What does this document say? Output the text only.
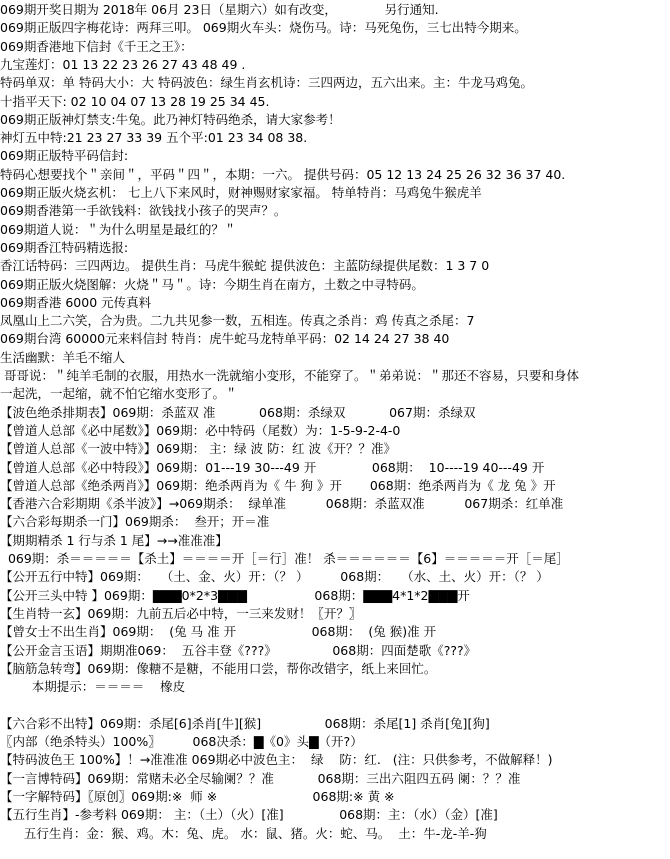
069期开奖日期为 2018年 06月 23日（星期六）如有改变，            另行通知.
069期正版四字梅花诗：两拜三叩。 069期火车头：烧伤马。诗：马死兔伤，三七出特今期来。
069期香港地下信封《千王之王》：
九宝莲灯：01 13 22 23 26 27 43 48 49 .
特码单双：单 特码大小：大 特码波色：绿生肖玄机诗：三四两边，五六出来。主：牛龙马鸡兔。
十指平天下: 02 10 04 07 13 28 19 25 34 45.
069期正版神灯禁支:牛兔。此乃神灯特码绝杀，请大家参考！
神灯五中特:21 23 27 33 39 五个平:01 23 34 08 38.
069期正版特平码信封:
特码心想要找个＂亲间＂，平码＂四＂，本期：一六。 提供号码：05 12 13 24 25 26 32 36 37 40.
069期正版火烧玄机： 七上八下来风时，财神赐财家家福。 特单特肖：马鸡兔牛猴虎羊
069期香港第一手欲钱料：欲钱找小孩子的哭声？。
069期道人说：＂为什么明星是最红的？＂
069期香江特码精选报:
香江话特码：三四两边。 提供生肖：马虎牛猴蛇 提供波色：主蓝防绿提供尾数：1 3 7 0
069期正版火烧图解：火烧＂马＂。诗：今期生肖在南方，土数之中寻特码。
069期香港 6000 元传真料
凤凰山上二六笑，合为贵。二九共见参一数，五相连。传真之杀肖：鸡 传真之杀尾：7
069期台湾 60000元来料信封 特肖：虎牛蛇马龙特单平码：02 14 24 27 38 40
生活幽默：羊毛不缩人
哥哥说：＂纯羊毛制的衣服，用热水一洗就缩小变形，不能穿了。＂弟弟说：＂那还不容易，只要和身体
一起洗，一起缩，就不怕它缩水变形了。＂
【波色绝杀排期表】069期：杀蓝双 准           068期：杀绿双           067期：杀绿双
【曾道人总部《必中尾数》】069期：必中特码（尾数）为：1-5-9-2-4-0
【曾道人总部《一波中特》】069期： 主：绿 波 防：红 波《开？？准》
【曾道人总部《必中特段》】069期：01---19 30---49 开              068期：  10----19 40---49 开
【曾道人总部《绝杀两肖》】069期：绝杀两肖为《 牛 狗 》开       068期：绝杀两肖为《 龙 兔 》开
【香港六合彩期期《杀半波》】→069期杀：  绿单准          068期：杀蓝双准          067期杀：红单准
【六合彩每期杀一门】069期杀：  叁开；开＝准
【期期精杀 1 行与杀 1 尾】→→准准准】
069期：杀＝＝＝＝＝【杀土】＝＝＝＝开［＝行］准！ 杀＝＝＝＝＝＝【6】＝＝＝＝＝开［＝尾］
【公开五行中特】069期：   （土、金、火）开：（？ ）        068期：   （水、土、火）开：（？ ）
【公开三头中特 】069期：▇▇▇0*2*3▇▇▇                 068期：▇▇▇4*1*2▇▇▇开
【生肖特一玄】069期：九前五后必中特，一三来发财！〖开？〗
【曾女士不出生肖】069期：  (兔 马 准 开                   068期：  (兔 猴)准 开
【公开金言玉语】期期准069：  五谷丰登《???》              068期：四面楚歌《???》
【脑筋急转弯】069期：像糖不是糖，不能用口尝，帮你改错字，纸上来回忙。
本期提示：＝＝＝＝    橡皮
【六合彩不出特】069期：杀尾[6]杀肖[牛][猴]                068期：杀尾[1] 杀肖[兔][狗]
〖内部（绝杀特头）100%〗        068决杀：▇《0》头▇（开?）
【特码波色王 100%】！→准准准 069期必中波色主：  绿    防：红.   (注：只供参考，不做解释！)
【一言博特码】069期：常赌未必全尽输阑？？准           068期：三出六阻四五码 阑：？？准
【一字解特码】〖原创〗069期:※  师 ※                        068期:※ 黄 ※
【五行生肖】-参考料 069期： 主：（土）（火）[准]              068期：主：（水）（金）[准]
五行生肖：金：猴、鸡。木：兔、虎。 水：鼠、猪。火：蛇、马。  土：牛-龙-羊-狗
